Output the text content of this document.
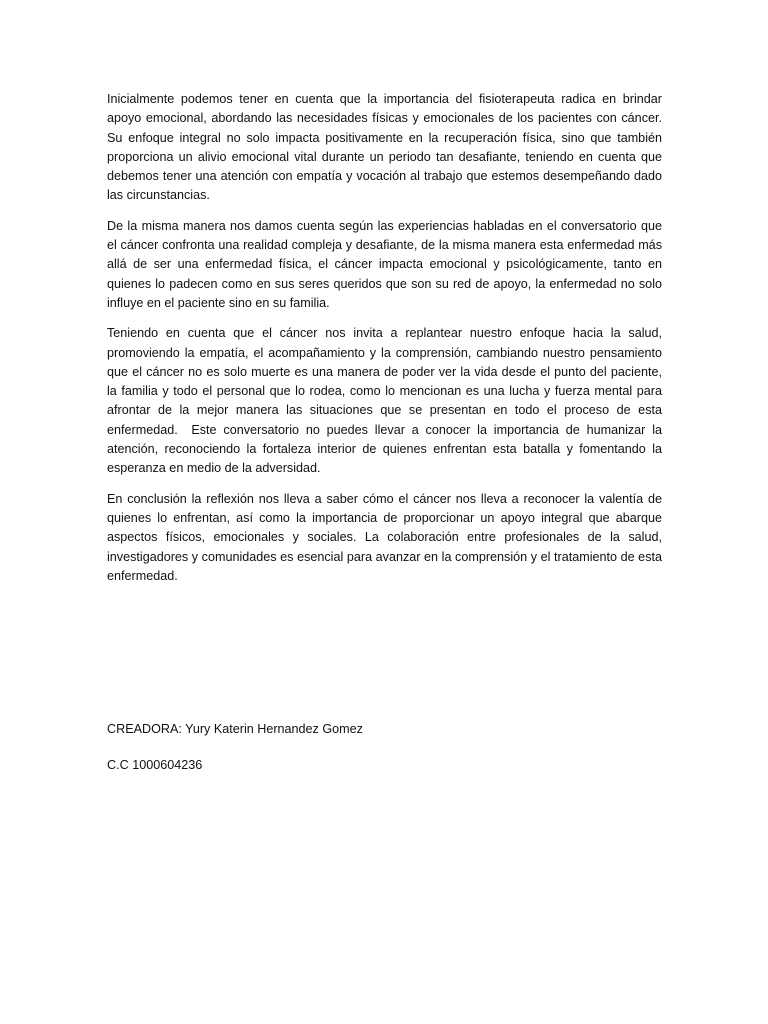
Inicialmente podemos tener en cuenta que la importancia del fisioterapeuta radica en brindar apoyo emocional, abordando las necesidades físicas y emocionales de los pacientes con cáncer. Su enfoque integral no solo impacta positivamente en la recuperación física, sino que también proporciona un alivio emocional vital durante un periodo tan desafiante, teniendo en cuenta que debemos tener una atención con empatía y vocación al trabajo que estemos desempeñando dado las circunstancias.

De la misma manera nos damos cuenta según las experiencias habladas en el conversatorio que el cáncer confronta una realidad compleja y desafiante, de la misma manera esta enfermedad más allá de ser una enfermedad física, el cáncer impacta emocional y psicológicamente, tanto en quienes lo padecen como en sus seres queridos que son su red de apoyo, la enfermedad no solo influye en el paciente sino en su familia.

Teniendo en cuenta que el cáncer nos invita a replantear nuestro enfoque hacia la salud, promoviendo la empatía, el acompañamiento y la comprensión, cambiando nuestro pensamiento que el cáncer no es solo muerte es una manera de poder ver la vida desde el punto del paciente, la familia y todo el personal que lo rodea, como lo mencionan es una lucha y fuerza mental para afrontar de la mejor manera las situaciones que se presentan en todo el proceso de esta enfermedad.  Este conversatorio no puedes llevar a conocer la importancia de humanizar la atención, reconociendo la fortaleza interior de quienes enfrentan esta batalla y fomentando la esperanza en medio de la adversidad.

En conclusión la reflexión nos lleva a saber cómo el cáncer nos lleva a reconocer la valentía de quienes lo enfrentan, así como la importancia de proporcionar un apoyo integral que abarque aspectos físicos, emocionales y sociales. La colaboración entre profesionales de la salud, investigadores y comunidades es esencial para avanzar en la comprensión y el tratamiento de esta enfermedad.

CREADORA: Yury Katerin Hernandez Gomez

C.C 1000604236
